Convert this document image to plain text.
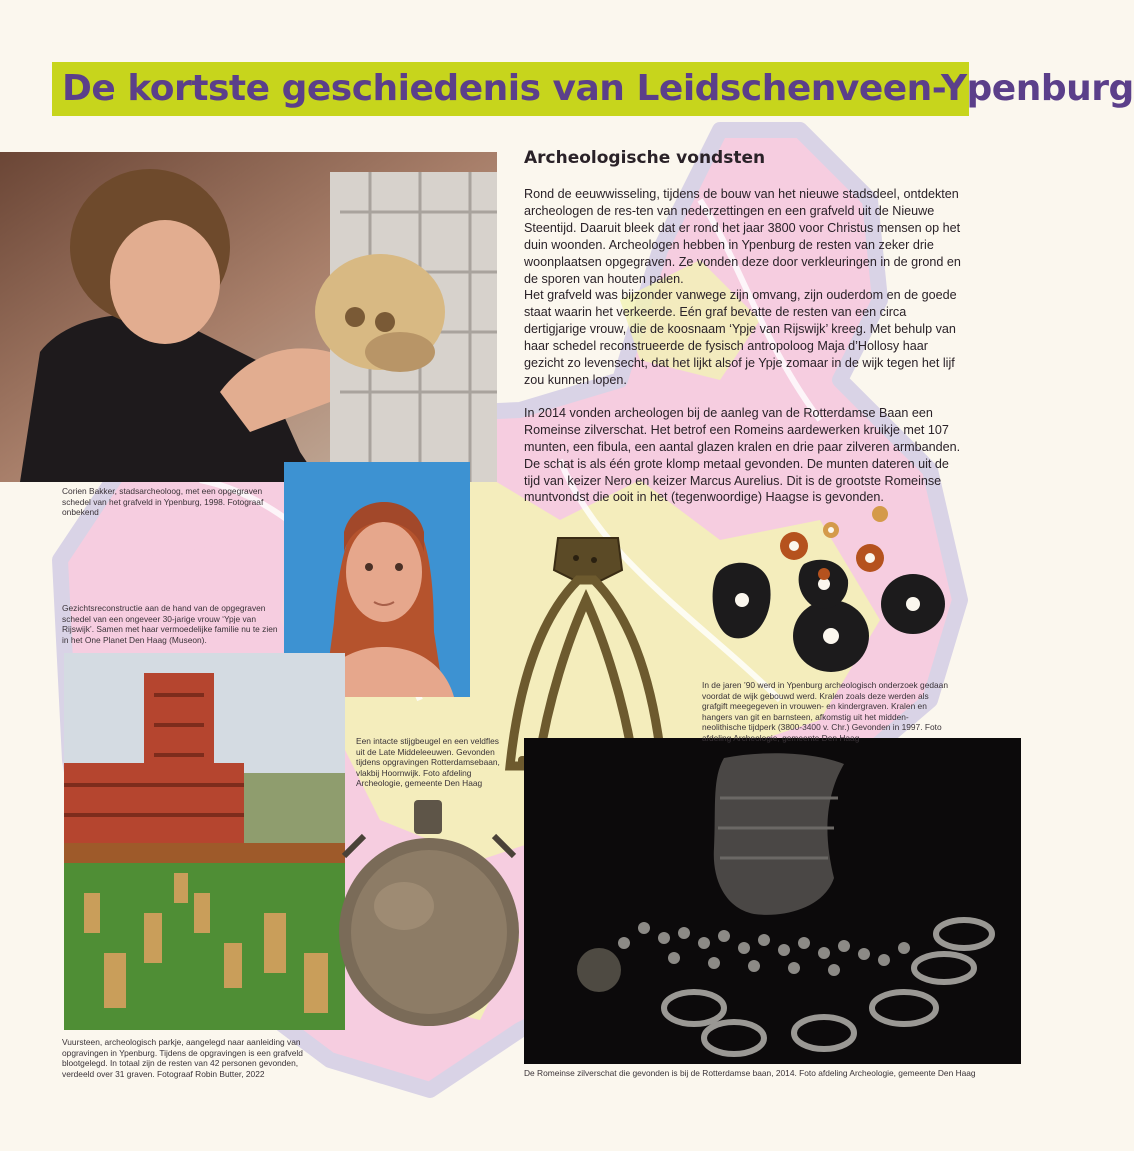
De kortste geschiedenis van Leidschenveen-Ypenburg
Archeologische vondsten

Rond de eeuwwisseling, tijdens de bouw van het nieuwe stadsdeel, ontdekten archeologen de res-ten van nederzettingen en een grafveld uit de Nieuwe Steentijd. Daaruit bleek dat er rond het jaar 3800 voor Christus mensen op het duin woonden. Archeologen hebben in Ypenburg de resten van zeker drie woonplaatsen opgegraven. Ze vonden deze door verkleuringen in de grond en de sporen van houten palen.

Het grafveld was bijzonder vanwege zijn omvang, zijn ouderdom en de goede staat waarin het verkeerde. Eén graf bevatte de resten van een circa dertigjarige vrouw, die de koosnaam ‘Ypje van Rijswijk’ kreeg. Met behulp van haar schedel reconstrueerde de fysisch antropoloog Maja d’Hollosy haar gezicht zo levensecht, dat het lijkt alsof je Ypje zomaar in de wijk tegen het lijf zou kunnen lopen.

In 2014 vonden archeologen bij de aanleg van de Rotterdamse Baan een Romeinse zilverschat. Het betrof een Romeins aardewerken kruikje met 107 munten, een fibula, een aantal glazen kralen en drie paar zilveren armbanden. De schat is als één grote klomp metaal gevonden. De munten dateren uit de tijd van keizer Nero en keizer Marcus Aurelius. Dit is de grootste Romeinse muntvondst die ooit in het (tegenwoordige) Haagse is gevonden.

Corien Bakker, stadsarcheoloog, met een opgegraven schedel van het grafveld in Ypenburg, 1998. Fotograaf onbekend
Gezichtsreconstructie aan de hand van de opgegraven schedel van een ongeveer 30-jarige vrouw ‘Ypje van Rijswijk’. Samen met haar vermoedelijke familie nu te zien in het One Planet Den Haag (Museon).
Een intacte stijgbeugel en een veldfles uit de Late Middeleeuwen. Gevonden tijdens opgravingen Rotterdamsebaan, vlakbij Hoornwijk. Foto afdeling Archeologie, gemeente Den Haag
In de jaren ’90 werd in Ypenburg archeologisch onderzoek gedaan voordat de wijk gebouwd werd. Kralen zoals deze werden als grafgift meegegeven in vrouwen- en kindergraven. Kralen en hangers van git en barnsteen, afkomstig uit het midden-neolithische tijdperk (3800-3400 v. Chr.) Gevonden in 1997. Foto afdeling Archeologie, gemeente Den Haag
Vuursteen, archeologisch parkje, aangelegd naar aanleiding van opgravingen in Ypenburg. Tijdens de opgravingen is een grafveld blootgelegd. In totaal zijn de resten van 42 personen gevonden, verdeeld over 31 graven. Fotograaf Robin Butter, 2022	De Romeinse zilverschat die gevonden is bij de Rotterdamse baan, 2014. Foto afdeling Archeologie, gemeente Den Haag
